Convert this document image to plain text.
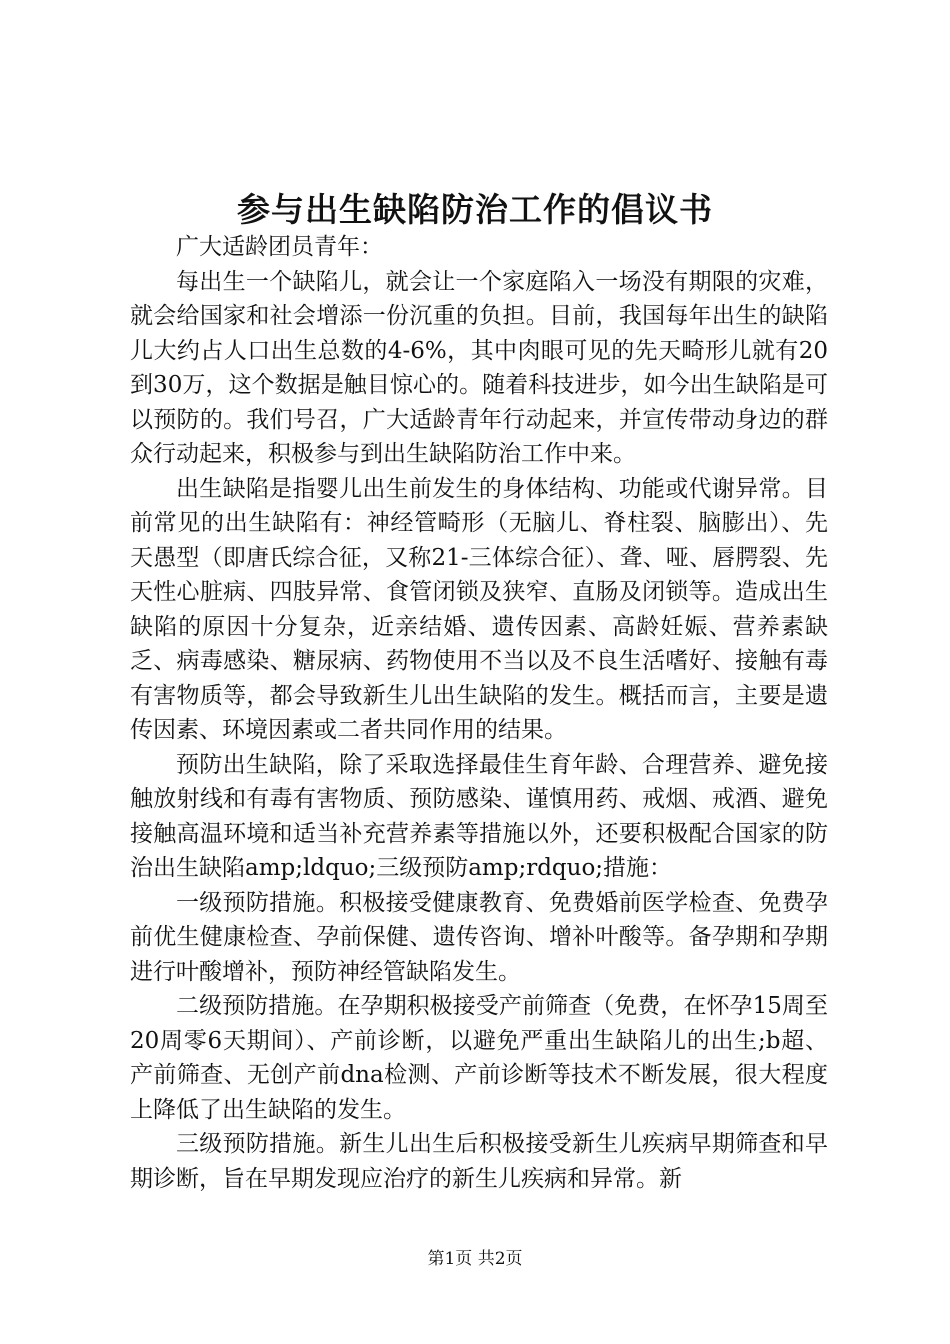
参与出生缺陷防治工作的倡议书

广大适龄团员青年：

每出生一个缺陷儿，就会让一个家庭陷入一场没有期限的灾难，就会给国家和社会增添一份沉重的负担。目前，我国每年出生的缺陷儿大约占人口出生总数的4-6%，其中肉眼可见的先天畸形儿就有20到30万，这个数据是触目惊心的。随着科技进步，如今出生缺陷是可以预防的。我们号召，广大适龄青年行动起来，并宣传带动身边的群众行动起来，积极参与到出生缺陷防治工作中来。

出生缺陷是指婴儿出生前发生的身体结构、功能或代谢异常。目前常见的出生缺陷有：神经管畸形（无脑儿、脊柱裂、脑膨出）、先天愚型（即唐氏综合征，又称21-三体综合征）、聋、哑、唇腭裂、先天性心脏病、四肢异常、食管闭锁及狭窄、直肠及闭锁等。造成出生缺陷的原因十分复杂，近亲结婚、遗传因素、高龄妊娠、营养素缺乏、病毒感染、糖尿病、药物使用不当以及不良生活嗜好、接触有毒有害物质等，都会导致新生儿出生缺陷的发生。概括而言，主要是遗传因素、环境因素或二者共同作用的结果。

预防出生缺陷，除了采取选择最佳生育年龄、合理营养、避免接触放射线和有毒有害物质、预防感染、谨慎用药、戒烟、戒酒、避免接触高温环境和适当补充营养素等措施以外，还要积极配合国家的防治出生缺陷amp;ldquo;三级预防amp;rdquo;措施：

一级预防措施。积极接受健康教育、免费婚前医学检查、免费孕前优生健康检查、孕前保健、遗传咨询、增补叶酸等。备孕期和孕期进行叶酸增补，预防神经管缺陷发生。

二级预防措施。在孕期积极接受产前筛查（免费，在怀孕15周至20周零6天期间）、产前诊断，以避免严重出生缺陷儿的出生;b超、产前筛查、无创产前dna检测、产前诊断等技术不断发展，很大程度上降低了出生缺陷的发生。

三级预防措施。新生儿出生后积极接受新生儿疾病早期筛查和早期诊断，旨在早期发现应治疗的新生儿疾病和异常。新

第1页 共2页
